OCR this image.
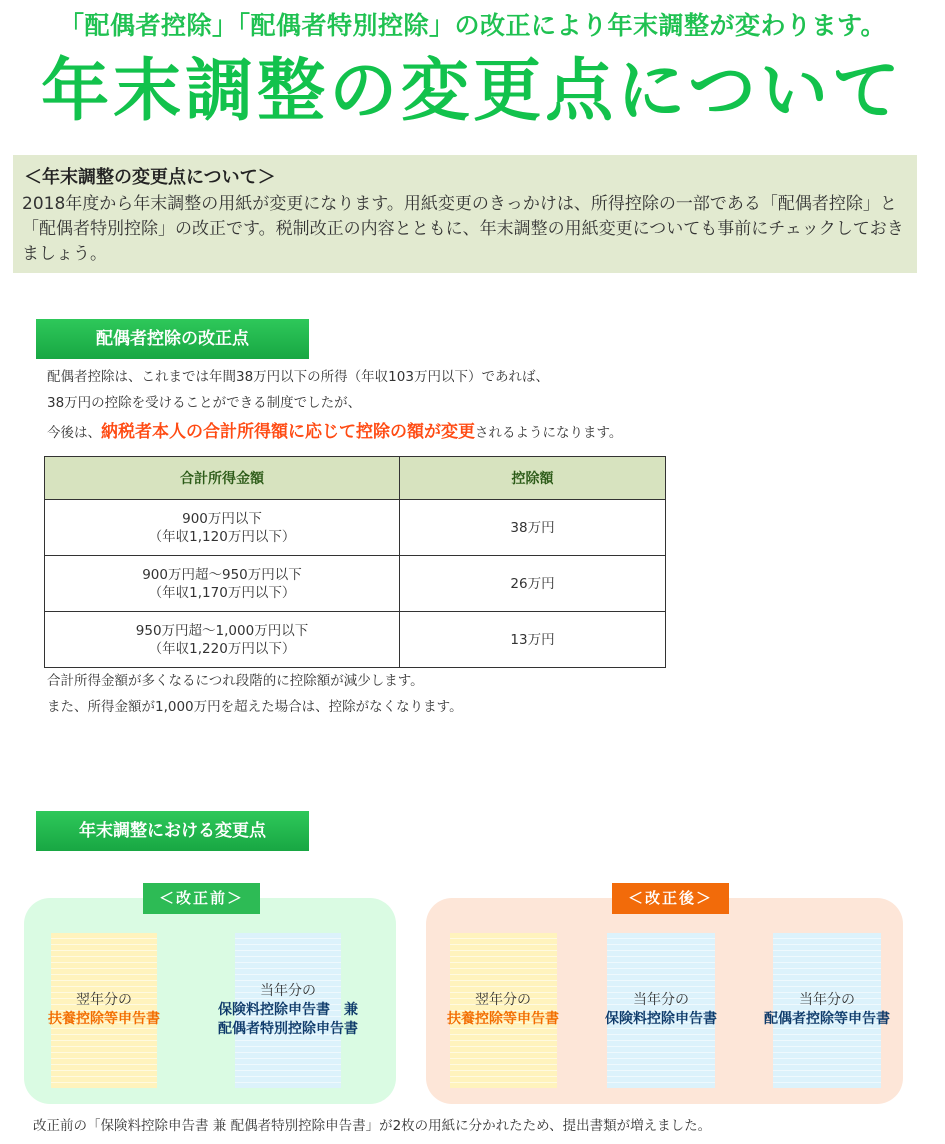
「配偶者控除」「配偶者特別控除」の改正により年末調整が変わります。
年末調整の変更点について
＜年末調整の変更点について＞
2018年度から年末調整の用紙が変更になります。用紙変更のきっかけは、所得控除の一部である「配偶者控除」と「配偶者特別控除」の改正です。税制改正の内容とともに、年末調整の用紙変更についても事前にチェックしておきましょう。
配偶者控除の改正点
配偶者控除は、これまでは年間38万円以下の所得（年収103万円以下）であれば、
38万円の控除を受けることができる制度でしたが、
今後は、納税者本人の合計所得額に応じて控除の額が変更されるようになります。
合計所得金額	控除額

900万円以下
（年収1,120万円以下）	38万円

900万円超～950万円以下
（年収1,170万円以下）	26万円

950万円超～1,000万円以下
（年収1,220万円以下）	13万円
合計所得金額が多くなるにつれ段階的に控除額が減少します。
また、所得金額が1,000万円を超えた場合は、控除がなくなります。
年末調整における変更点
＜改正前＞
翌年分の
扶養控除等申告書
当年分の
保険料控除申告書　兼
配偶者特別控除申告書
＜改正後＞
翌年分の
扶養控除等申告書
当年分の
保険料控除申告書
当年分の
配偶者控除等申告書
改正前の「保険料控除申告書 兼 配偶者特別控除申告書」が2枚の用紙に分かれたため、提出書類が増えました。
